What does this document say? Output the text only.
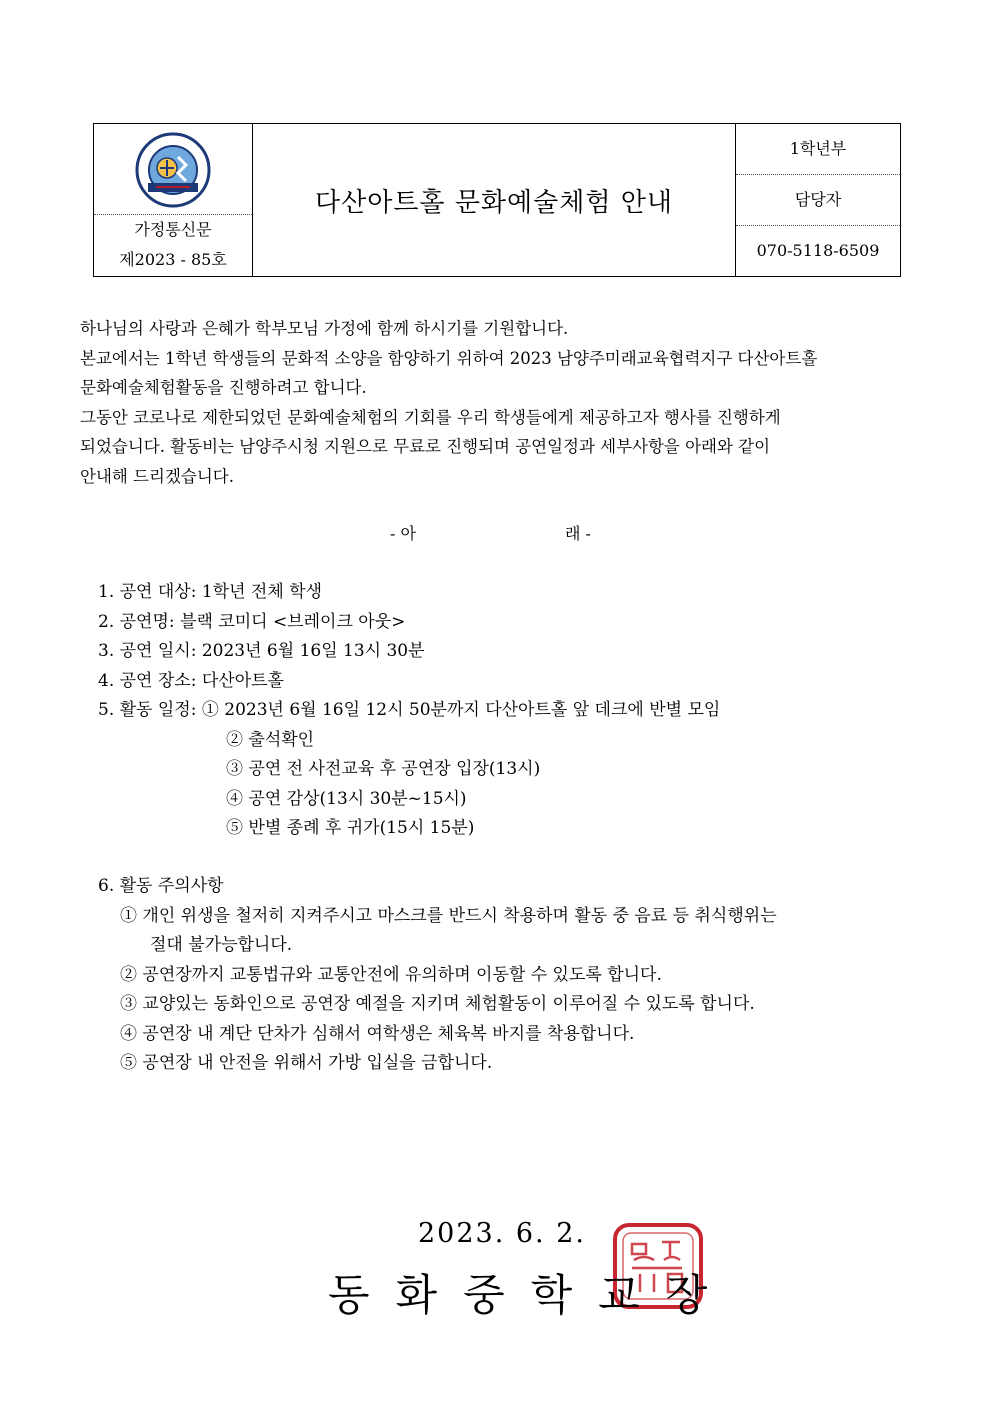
가정통신문
제2023 - 85호

다산아트홀 문화예술체험 안내

1학년부
담당자
070-5118-6509

하나님의 사랑과 은혜가 학부모님 가정에 함께 하시기를 기원합니다.

본교에서는 1학년 학생들의 문화적 소양을 함양하기 위하여 2023 남양주미래교육협력지구 다산아트홀

문화예술체험활동을 진행하려고 합니다.

그동안 코로나로 제한되었던 문화예술체험의 기회를 우리 학생들에게 제공하고자 행사를 진행하게

되었습니다. 활동비는 남양주시청 지원으로 무료로 진행되며 공연일정과 세부사항을 아래와 같이

안내해 드리겠습니다.

- 아	래 -
1. 공연 대상: 1학년 전체 학생
2. 공연명: 블랙 코미디 <브레이크 아웃>
3. 공연 일시: 2023년 6월 16일 13시 30분
4. 공연 장소: 다산아트홀
5. 활동 일정: ① 2023년 6월 16일 12시 50분까지 다산아트홀 앞 데크에 반별 모임
② 출석확인
③ 공연 전 사전교육 후 공연장 입장(13시)
④ 공연 감상(13시 30분~15시)
⑤ 반별 종례 후 귀가(15시 15분)
6. 활동 주의사항
① 개인 위생을 철저히 지켜주시고 마스크를 반드시 착용하며 활동 중 음료 등 취식행위는
절대 불가능합니다.
② 공연장까지 교통법규와 교통안전에 유의하며 이동할 수 있도록 합니다.
③ 교양있는 동화인으로 공연장 예절을 지키며 체험활동이 이루어질 수 있도록 합니다.
④ 공연장 내 계단 단차가 심해서 여학생은 체육복 바지를 착용합니다.
⑤ 공연장 내 안전을 위해서 가방 입실을 금합니다.
2023. 6. 2.
동화중학교장
